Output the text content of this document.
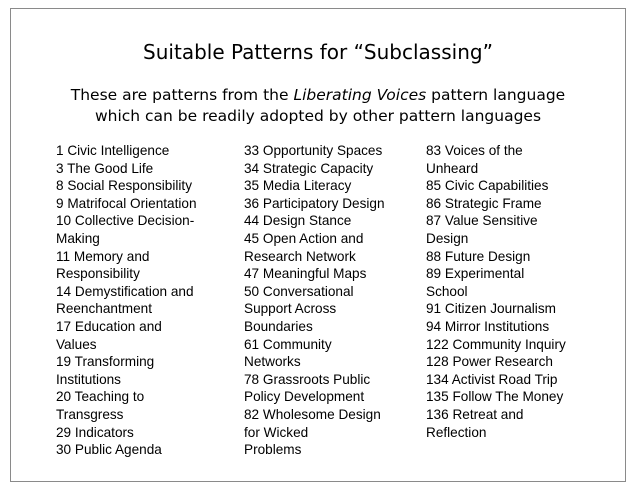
Suitable Patterns for “Subclassing”
These are patterns from the Liberating Voices pattern language
which can be readily adopted by other pattern languages
1 Civic Intelligence
3 The Good Life
8 Social Responsibility
9 Matrifocal Orientation
10 Collective Decision-
Making
11 Memory and
Responsibility
14 Demystification and
Reenchantment
17 Education and
Values
19 Transforming
Institutions
20 Teaching to
Transgress
29 Indicators
30 Public Agenda
33 Opportunity Spaces
34 Strategic Capacity
35 Media Literacy
36 Participatory Design
44 Design Stance
45 Open Action and
Research Network
47 Meaningful Maps
50 Conversational
Support Across
Boundaries
61 Community
Networks
78 Grassroots Public
Policy Development
82 Wholesome Design
for Wicked
Problems
83 Voices of the
Unheard
85 Civic Capabilities
86 Strategic Frame
87 Value Sensitive
Design
88 Future Design
89 Experimental
School
91 Citizen Journalism
94 Mirror Institutions
122 Community Inquiry
128 Power Research
134 Activist Road Trip
135 Follow The Money
136 Retreat and
Reflection
